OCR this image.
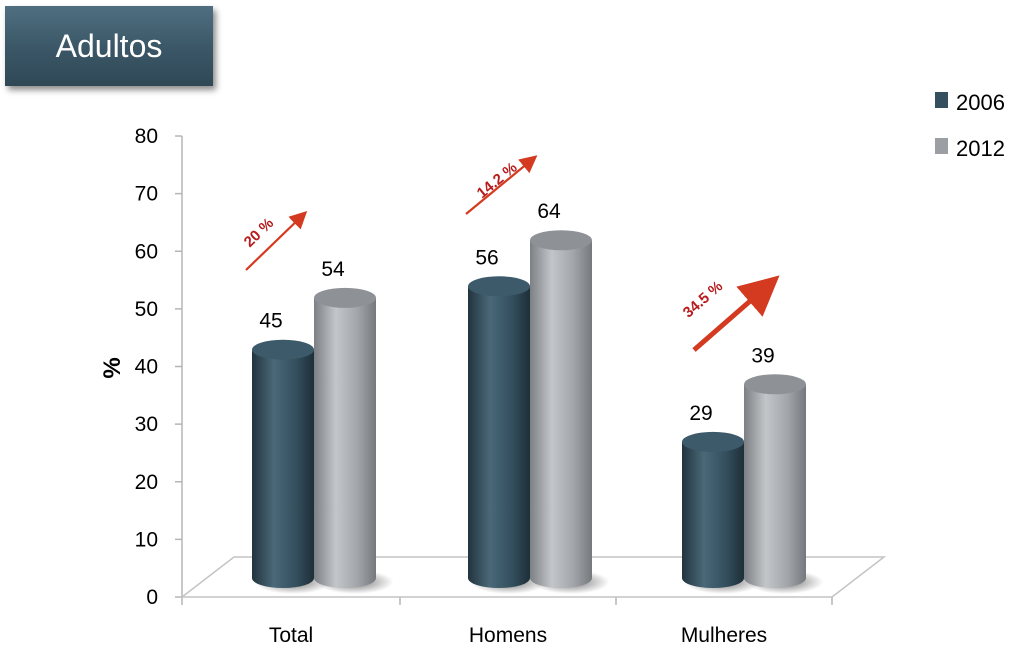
Adultos
0
10
20
30
40
50
60
70
80
%
Total	Homens	Mulheres
45
54
56
64
29
39
20 %
14.2 %
34.5 %
2006
2012
